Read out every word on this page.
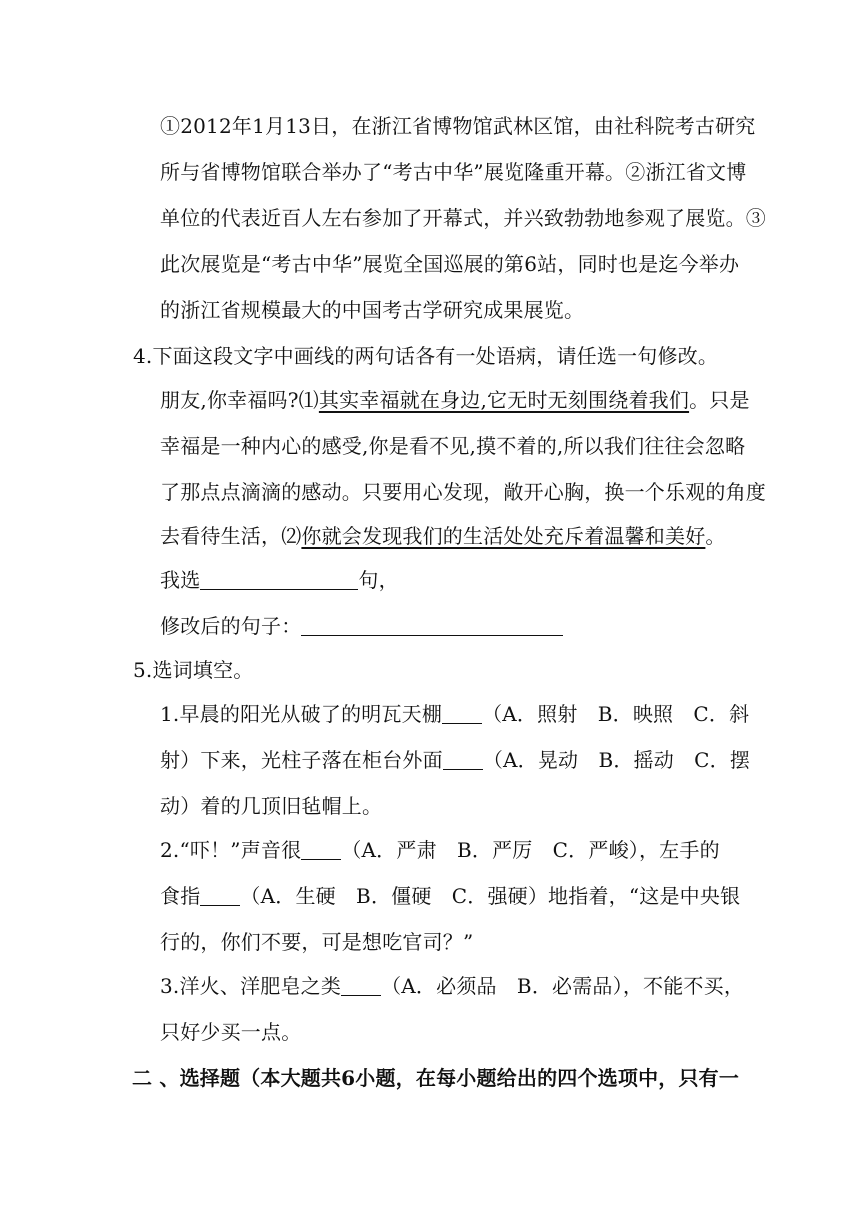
①2012年1月13日，在浙江省博物馆武林区馆，由社科院考古研究
所与省博物馆联合举办了“考古中华”展览隆重开幕。②浙江省文博
单位的代表近百人左右参加了开幕式，并兴致勃勃地参观了展览。③
此次展览是“考古中华”展览全国巡展的第6站，同时也是迄今举办
的浙江省规模最大的中国考古学研究成果展览。
4.下面这段文字中画线的两句话各有一处语病，请任选一句修改。
朋友,你幸福吗?⑴其实幸福就在身边,它无时无刻围绕着我们。只是
幸福是一种内心的感受,你是看不见,摸不着的,所以我们往往会忽略
了那点点滴滴的感动。只要用心发现，敞开心胸，换一个乐观的角度
去看待生活，⑵你就会发现我们的生活处处充斥着温馨和美好。
我选	句，
修改后的句子：
5.选词填空。
1.早晨的阳光从破了的明瓦天棚 （A．照射　B．映照　C．斜
射）下来，光柱子落在柜台外面 （A．晃动　B．摇动　C．摆
动）着的几顶旧毡帽上。
2.“吓！”声音很 （A．严肃　B．严厉　C．严峻），左手的
食指 （A．生硬　B．僵硬　C．强硬）地指着，“这是中央银
行的，你们不要，可是想吃官司？”
3.洋火、洋肥皂之类 （A．必须品　B．必需品），不能不买，
只好少买一点。
二 、选择题（本大题共6小题，在每小题给出的四个选项中，只有一
